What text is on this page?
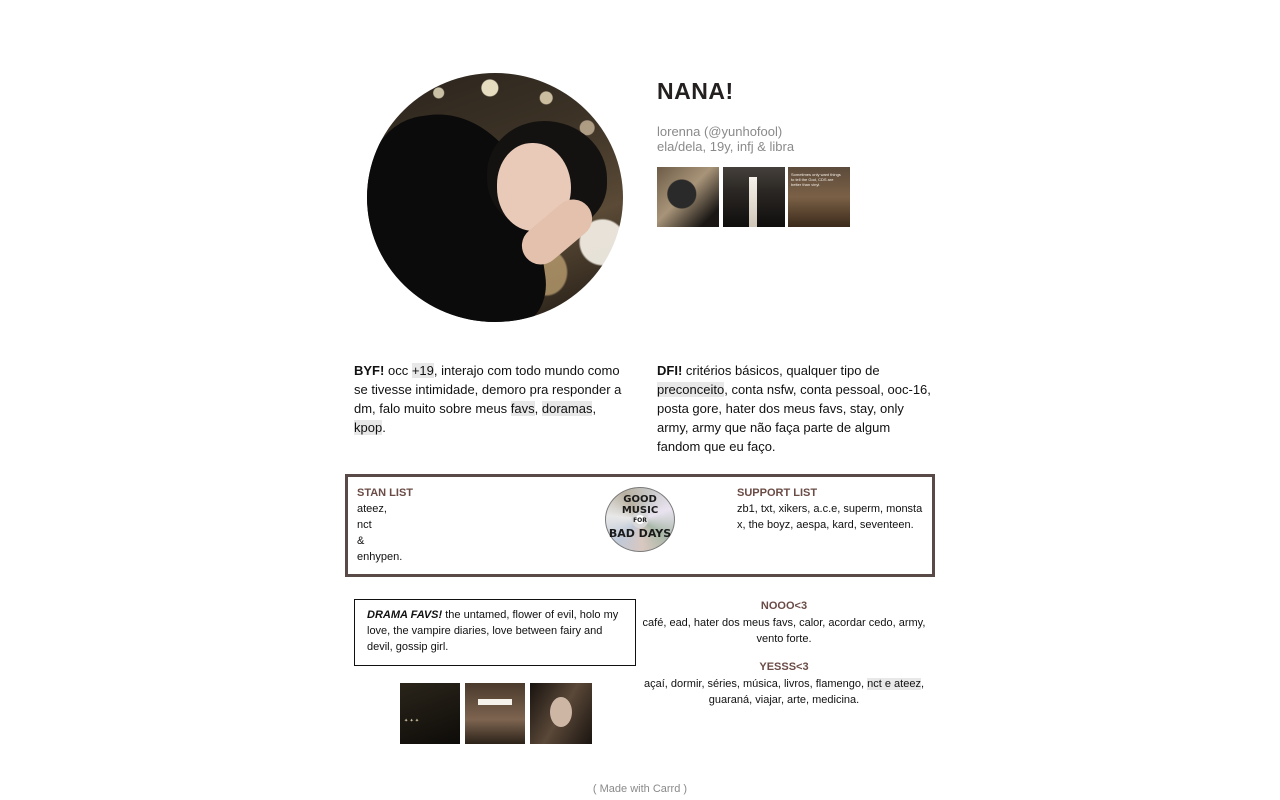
NANA!
lorenna (@yunhofool)
ela/dela, 19y, infj & libra
Sometimes only want things to tell the God, CDS are better than vinyl.
BYF! occ +19, interajo com todo mundo como se tivesse intimidade, demoro pra responder a dm, falo muito sobre meus favs, doramas, kpop.
DFI! critérios básicos, qualquer tipo de preconceito, conta nsfw, conta pessoal, ooc-16, posta gore, hater dos meus favs, stay, only army, army que não faça parte de algum fandom que eu faço.
STAN LIST
ateez,
nct
&
enhypen.
GOOD MUSIC
FOR
BAD DAYS
SUPPORT LIST
zb1, txt, xikers, a.c.e, superm, monsta x, the boyz, aespa, kard, seventeen.
DRAMA FAVS! the untamed, flower of evil, holo my love, the vampire diaries, love between fairy and devil, gossip girl.
✦ ✦ ✦
NOOO<3
café, ead, hater dos meus favs, calor, acordar cedo, army, vento forte.
YESSS<3
açaí, dormir, séries, música, livros, flamengo, nct e ateez, guaraná, viajar, arte, medicina.
( Made with Carrd )
